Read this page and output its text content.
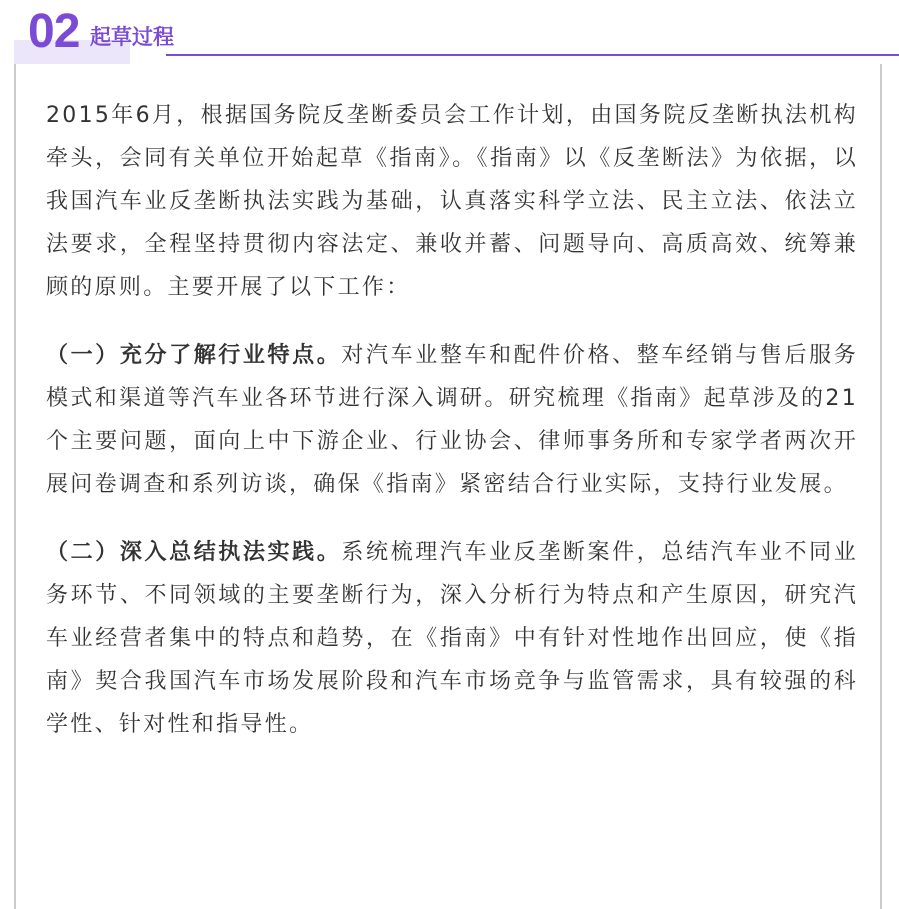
02 起草过程

2015年6月，根据国务院反垄断委员会工作计划，由国务院反垄断执法机构牵头，会同有关单位开始起草《指南》。《指南》以《反垄断法》为依据，以我国汽车业反垄断执法实践为基础，认真落实科学立法、民主立法、依法立法要求，全程坚持贯彻内容法定、兼收并蓄、问题导向、高质高效、统筹兼顾的原则。主要开展了以下工作：

（一）充分了解行业特点。对汽车业整车和配件价格、整车经销与售后服务模式和渠道等汽车业各环节进行深入调研。研究梳理《指南》起草涉及的21个主要问题，面向上中下游企业、行业协会、律师事务所和专家学者两次开展问卷调查和系列访谈，确保《指南》紧密结合行业实际，支持行业发展。

（二）深入总结执法实践。系统梳理汽车业反垄断案件，总结汽车业不同业务环节、不同领域的主要垄断行为，深入分析行为特点和产生原因，研究汽车业经营者集中的特点和趋势，在《指南》中有针对性地作出回应，使《指南》契合我国汽车市场发展阶段和汽车市场竞争与监管需求，具有较强的科学性、针对性和指导性。
